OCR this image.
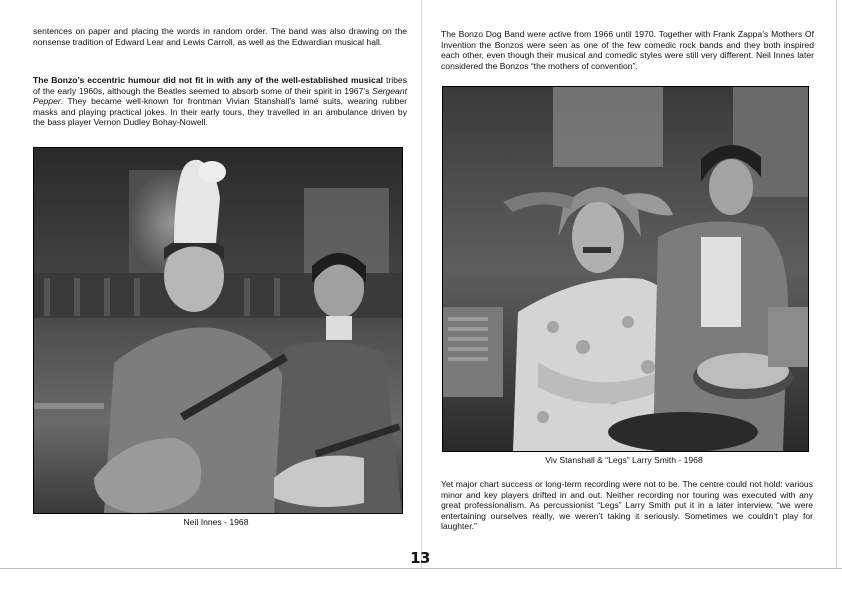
sentences on paper and placing the words in random order. The band was also drawing on the nonsense tradition of Edward Lear and Lewis Carroll, as well as the Edwardian musical hall.

The Bonzo’s eccentric humour did not fit in with any of the well-established musical tribes of the early 1960s, although the Beatles seemed to absorb some of their spirit in 1967’s Sergeant Pepper. They became well-known for frontman Vivian Stanshall’s lamé suits, wearing rubber masks and playing practical jokes. In their early tours, they travelled in an ambulance driven by the bass player Vernon Dudley Bohay-Nowell.

Neil Innes - 1968

The Bonzo Dog Band were active from 1966 until 1970. Together with Frank Zappa’s Mothers Of Invention the Bonzos were seen as one of the few comedic rock bands and they both inspired each other, even though their musical and comedic styles were still very different. Neil Innes later considered the Bonzos “the mothers of convention”.

Viv Stanshall & “Legs” Larry Smith - 1968

Yet major chart success or long-term recording were not to be. The centre could not hold: various minor and key players drifted in and out. Neither recording nor touring was executed with any great professionalism. As percussionist “Legs” Larry Smith put it in a later interview, “we were entertaining ourselves really, we weren’t taking it seriously. Sometimes we couldn’t play for laughter.”

13
